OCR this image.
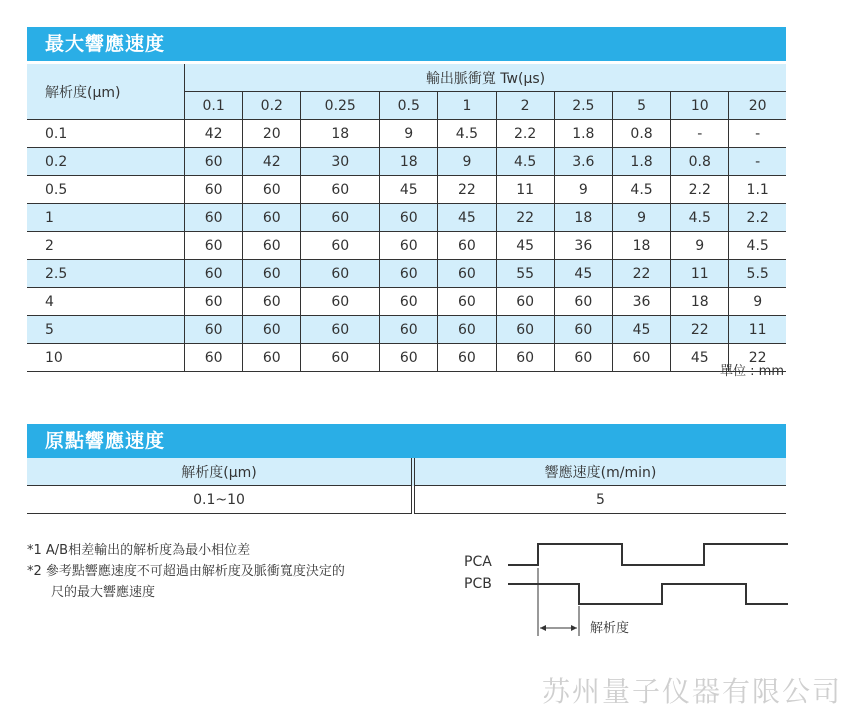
最大響應速度
解析度(μm)	輸出脈衝寬 Tw(μs)									
	0.1	0.2	0.25	0.5	1	2	2.5	5	10	20
0.1	42	20	18	9	4.5	2.2	1.8	0.8	-	-
0.2	60	42	30	18	9	4.5	3.6	1.8	0.8	-
0.5	60	60	60	45	22	11	9	4.5	2.2	1.1
1	60	60	60	60	45	22	18	9	4.5	2.2
2	60	60	60	60	60	45	36	18	9	4.5
2.5	60	60	60	60	60	55	45	22	11	5.5
4	60	60	60	60	60	60	60	36	18	9
5	60	60	60	60	60	60	60	45	22	11
10	60	60	60	60	60	60	60	60	45	22
單位 : mm
原點響應速度
解析度(μm)	響應速度(m/min)
0.1~10	5
*1 A/B相差輸出的解析度為最小相位差
*2 參考點響應速度不可超過由解析度及脈衝寬度決定的
尺的最大響應速度
PCA
PCB
解析度
苏州量子仪器有限公司
